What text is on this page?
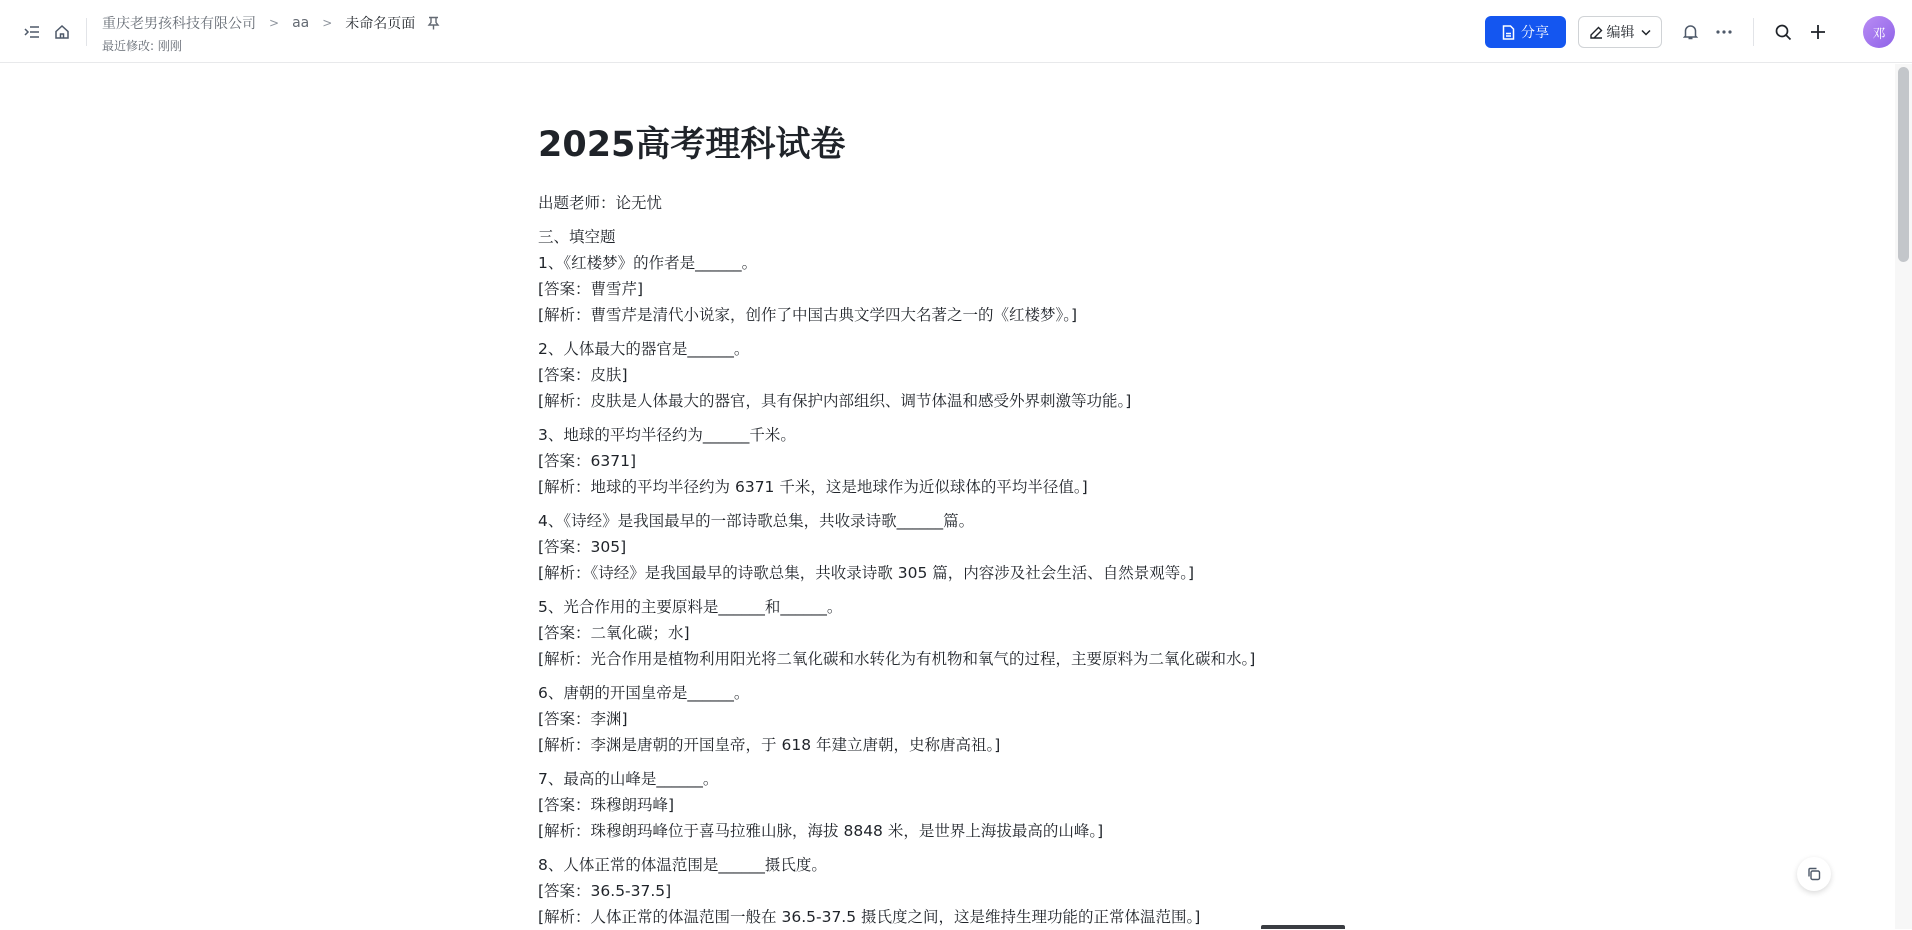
重庆老男孩科技有限公司 > aa > 未命名页面
最近修改: 刚刚
分享	编辑	邓
2025高考理科试卷
出题老师：论无忧
三、填空题

1、《红楼梦》的作者是______。

[答案：曹雪芹]

[解析：曹雪芹是清代小说家，创作了中国古典文学四大名著之一的《红楼梦》。]

2、人体最大的器官是______。

[答案：皮肤]

[解析：皮肤是人体最大的器官，具有保护内部组织、调节体温和感受外界刺激等功能。]

3、地球的平均半径约为______千米。

[答案：6371]

[解析：地球的平均半径约为 6371 千米，这是地球作为近似球体的平均半径值。]

4、《诗经》是我国最早的一部诗歌总集，共收录诗歌______篇。

[答案：305]

[解析：《诗经》是我国最早的诗歌总集，共收录诗歌 305 篇，内容涉及社会生活、自然景观等。]

5、光合作用的主要原料是______和______。

[答案：二氧化碳；水]

[解析：光合作用是植物利用阳光将二氧化碳和水转化为有机物和氧气的过程，主要原料为二氧化碳和水。]

6、唐朝的开国皇帝是______。

[答案：李渊]

[解析：李渊是唐朝的开国皇帝，于 618 年建立唐朝，史称唐高祖。]

7、最高的山峰是______。

[答案：珠穆朗玛峰]

[解析：珠穆朗玛峰位于喜马拉雅山脉，海拔 8848 米，是世界上海拔最高的山峰。]

8、人体正常的体温范围是______摄氏度。

[答案：36.5-37.5]

[解析：人体正常的体温范围一般在 36.5-37.5 摄氏度之间，这是维持生理功能的正常体温范围。]
